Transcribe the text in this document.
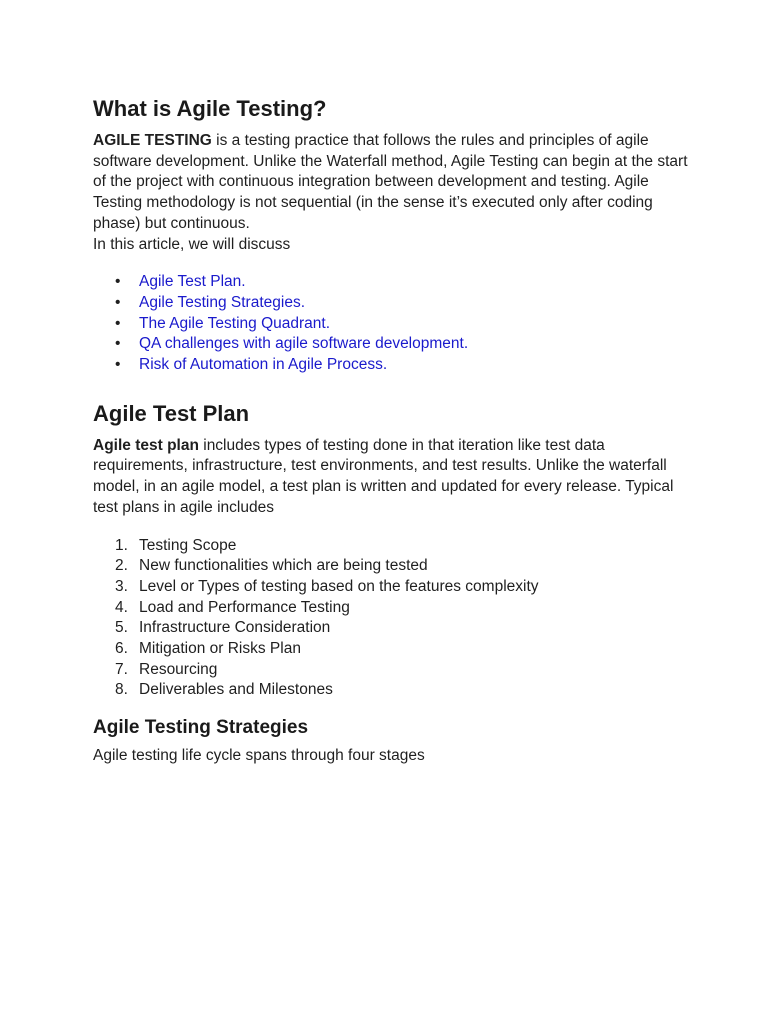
What is Agile Testing?

AGILE TESTING is a testing practice that follows the rules and principles of agile software development. Unlike the Waterfall method, Agile Testing can begin at the start of the project with continuous integration between development and testing. Agile Testing methodology is not sequential (in the sense it’s executed only after coding phase) but continuous.

In this article, we will discuss

• Agile Test Plan.
• Agile Testing Strategies.
• The Agile Testing Quadrant.
• QA challenges with agile software development.
• Risk of Automation in Agile Process.
Agile Test Plan

Agile test plan includes types of testing done in that iteration like test data requirements, infrastructure, test environments, and test results. Unlike the waterfall model, in an agile model, a test plan is written and updated for every release. Typical test plans in agile includes

1. Testing Scope
2. New functionalities which are being tested
3. Level or Types of testing based on the features complexity
4. Load and Performance Testing
5. Infrastructure Consideration
6. Mitigation or Risks Plan
7. Resourcing
8. Deliverables and Milestones
Agile Testing Strategies

Agile testing life cycle spans through four stages
